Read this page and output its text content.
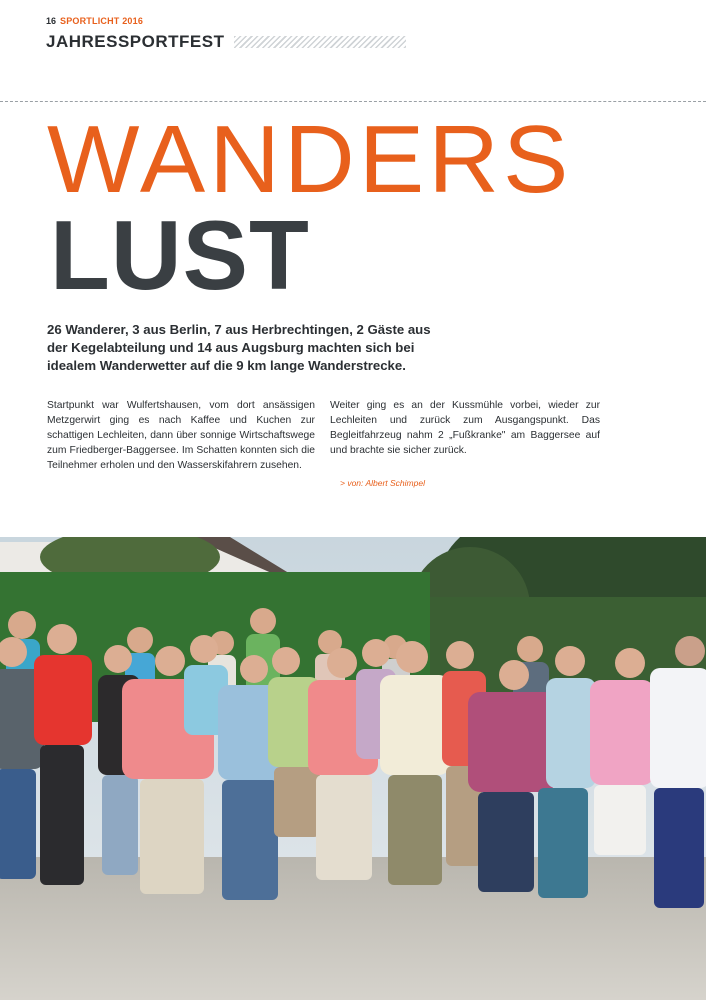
16 SPORTLICHT 2016
JAHRESSPORTFEST
WANDERS
LUST

26 Wanderer, 3 aus Berlin, 7 aus Herbrechtingen, 2 Gäste aus der Kegelabteilung und 14 aus Augsburg machten sich bei idealem Wanderwetter auf die 9 km lange Wanderstrecke.

Startpunkt war Wulfertshausen, vom dort ansässigen Metzgerwirt ging es nach Kaffee und Kuchen zur schattigen Lechleiten, dann über sonnige Wirtschaftswege zum Friedberger-Baggersee. Im Schatten konnten sich die Teilnehmer erholen und den Wasserskifahrern zusehen.

Weiter ging es an der Kussmühle vorbei, wieder zur Lechleiten und zurück zum Ausgangspunkt. Das Begleitfahrzeug nahm 2 „Fußkranke" am Baggersee auf und brachte sie sicher zurück.

> von: Albert Schimpel
